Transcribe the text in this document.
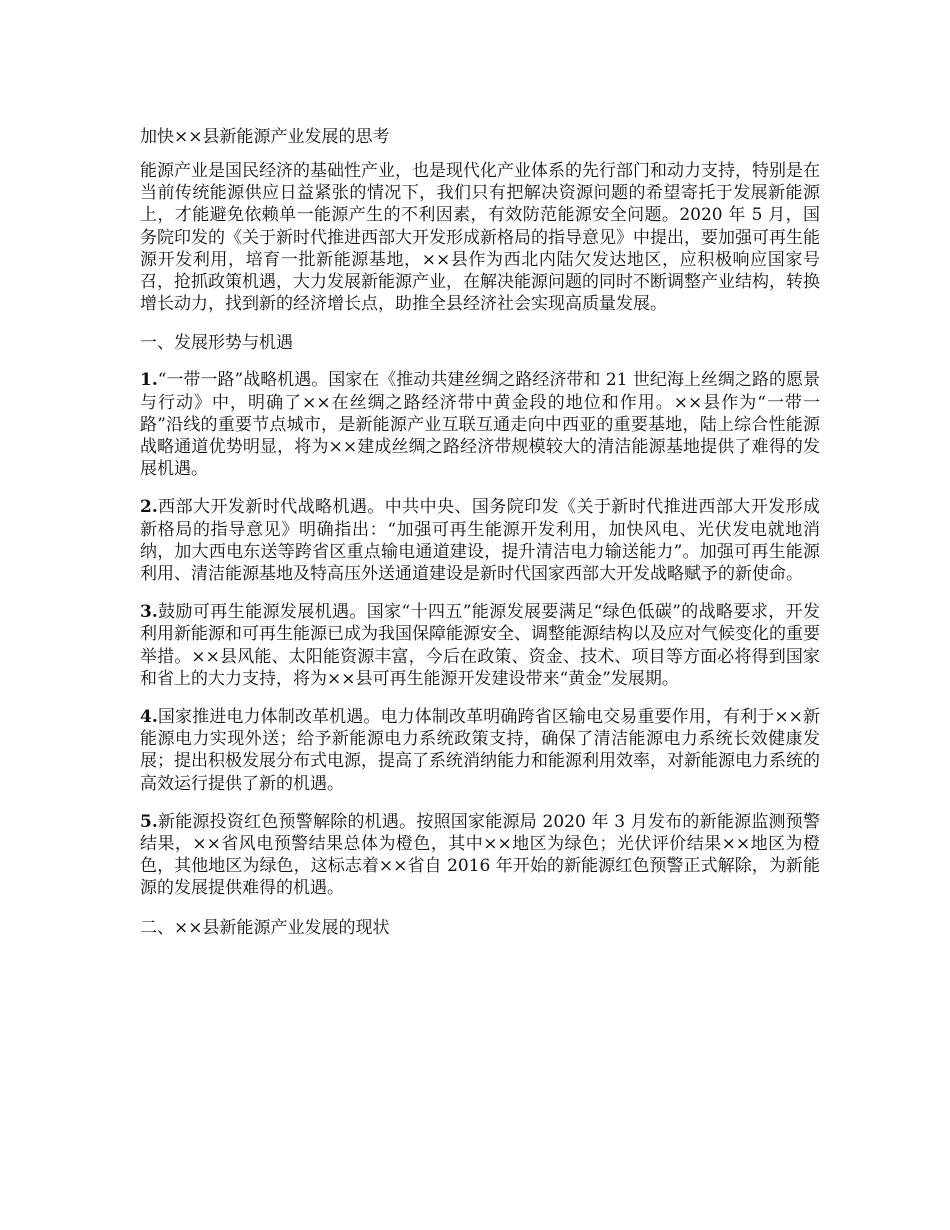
加快××县新能源产业发展的思考

能源产业是国民经济的基础性产业，也是现代化产业体系的先行部门和动力支持，特别是在当前传统能源供应日益紧张的情况下，我们只有把解决资源问题的希望寄托于发展新能源上，才能避免依赖单一能源产生的不利因素，有效防范能源安全问题。2020 年 5 月，国务院印发的《关于新时代推进西部大开发形成新格局的指导意见》中提出，要加强可再生能源开发利用，培育一批新能源基地，××县作为西北内陆欠发达地区，应积极响应国家号召，抢抓政策机遇，大力发展新能源产业，在解决能源问题的同时不断调整产业结构，转换增长动力，找到新的经济增长点，助推全县经济社会实现高质量发展。

一、发展形势与机遇

1.“一带一路”战略机遇。国家在《推动共建丝绸之路经济带和 21 世纪海上丝绸之路的愿景与行动》中，明确了××在丝绸之路经济带中黄金段的地位和作用。××县作为“一带一路”沿线的重要节点城市，是新能源产业互联互通走向中西亚的重要基地，陆上综合性能源战略通道优势明显，将为××建成丝绸之路经济带规模较大的清洁能源基地提供了难得的发展机遇。

2.西部大开发新时代战略机遇。中共中央、国务院印发《关于新时代推进西部大开发形成新格局的指导意见》明确指出：“加强可再生能源开发利用，加快风电、光伏发电就地消纳，加大西电东送等跨省区重点输电通道建设，提升清洁电力输送能力”。加强可再生能源利用、清洁能源基地及特高压外送通道建设是新时代国家西部大开发战略赋予的新使命。

3.鼓励可再生能源发展机遇。国家“十四五”能源发展要满足“绿色低碳”的战略要求，开发利用新能源和可再生能源已成为我国保障能源安全、调整能源结构以及应对气候变化的重要举措。××县风能、太阳能资源丰富，今后在政策、资金、技术、项目等方面必将得到国家和省上的大力支持，将为××县可再生能源开发建设带来“黄金”发展期。

4.国家推进电力体制改革机遇。电力体制改革明确跨省区输电交易重要作用，有利于××新能源电力实现外送；给予新能源电力系统政策支持，确保了清洁能源电力系统长效健康发展；提出积极发展分布式电源，提高了系统消纳能力和能源利用效率，对新能源电力系统的高效运行提供了新的机遇。

5.新能源投资红色预警解除的机遇。按照国家能源局 2020 年 3 月发布的新能源监测预警结果，××省风电预警结果总体为橙色，其中××地区为绿色；光伏评价结果××地区为橙色，其他地区为绿色，这标志着××省自 2016 年开始的新能源红色预警正式解除，为新能源的发展提供难得的机遇。

二、××县新能源产业发展的现状
